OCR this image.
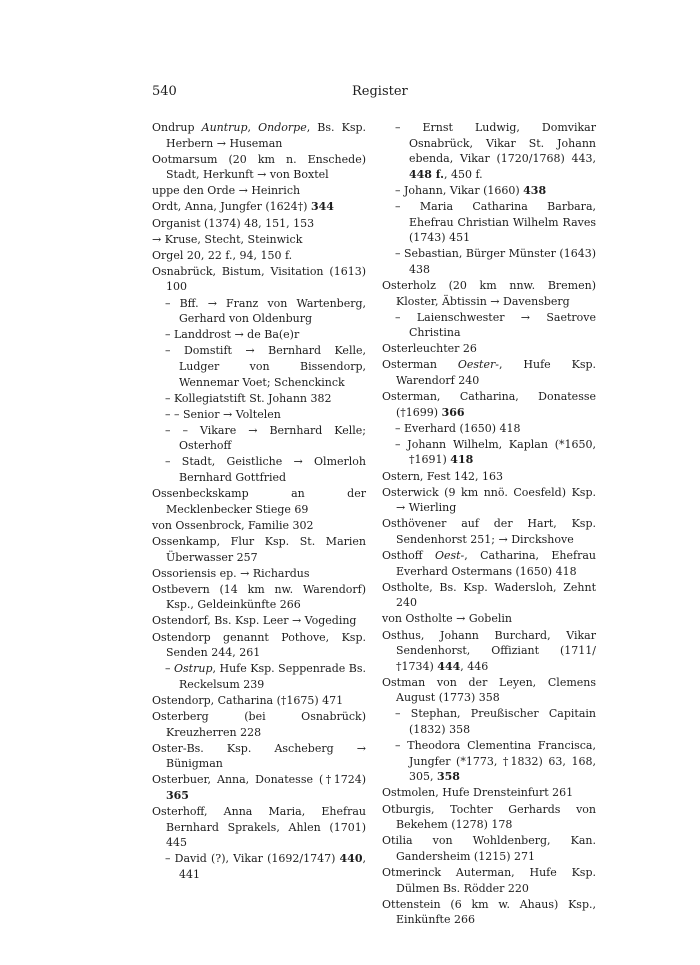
540	Register
Ondrup Auntrup, Ondorpe, Bs. Ksp. Herbern → Huseman
Ootmarsum (20 km n. Enschede) Stadt, Herkunft → von Boxtel
uppe den Orde → Heinrich
Ordt, Anna, Jungfer (1624†) 344
Organist (1374) 48, 151, 153
→ Kruse, Stecht, Steinwick
Orgel 20, 22 f., 94, 150 f.
Osnabrück, Bistum, Visitation (1613) 100
– Bff. → Franz von Wartenberg, Gerhard von Oldenburg
– Landdrost → de Ba(e)r
– Domstift → Bernhard Kelle, Ludger von Bissendorp, Wennemar Voet; Schenckinck
– Kollegiatstift St. Johann 382
– – Senior → Voltelen
– – Vikare → Bernhard Kelle; Osterhoff
– Stadt, Geistliche → Olmerloh Bernhard Gottfried
Ossenbeckskamp an der Mecklenbecker Stiege 69
von Ossenbrock, Familie 302
Ossenkamp, Flur Ksp. St. Marien Überwasser 257
Ossoriensis ep. → Richardus
Ostbevern (14 km nw. Warendorf) Ksp., Geldeinkünfte 266
Ostendorf, Bs. Ksp. Leer → Vogeding
Ostendorp genannt Pothove, Ksp. Senden 244, 261
– Ostrup, Hufe Ksp. Seppenrade Bs. Reckelsum 239
Ostendorp, Catharina (†1675) 471
Osterberg (bei Osnabrück) Kreuzherren 228
Oster-Bs. Ksp. Ascheberg → Bünigman
Osterbuer, Anna, Donatesse (†1724) 365
Osterhoff, Anna Maria, Ehefrau Bernhard Sprakels, Ahlen (1701) 445
– David (?), Vikar (1692/1747) 440, 441
– Ernst Ludwig, Domvikar Osnabrück, Vikar St. Johann ebenda, Vikar (1720/1768) 443, 448 f., 450 f.
– Johann, Vikar (1660) 438
– Maria Catharina Barbara, Ehefrau Christian Wilhelm Raves (1743) 451
– Sebastian, Bürger Münster (1643) 438
Osterholz (20 km nnw. Bremen) Kloster, Äbtissin → Davensberg
– Laienschwester → Saetrove Christina
Osterleuchter 26
Osterman Oester-, Hufe Ksp. Warendorf 240
Osterman, Catharina, Donatesse (†1699) 366
– Everhard (1650) 418
– Johann Wilhelm, Kaplan (*1650, †1691) 418
Ostern, Fest 142, 163
Osterwick (9 km nnö. Coesfeld) Ksp. → Wierling
Osthövener auf der Hart, Ksp. Sendenhorst 251; → Dirckshove
Osthoff Oest-, Catharina, Ehefrau Everhard Ostermans (1650) 418
Ostholte, Bs. Ksp. Wadersloh, Zehnt 240
von Ostholte → Gobelin
Osthus, Johann Burchard, Vikar Sendenhorst, Offiziant (1711/†1734) 444, 446
Ostman von der Leyen, Clemens August (1773) 358
– Stephan, Preußischer Capitain (1832) 358
– Theodora Clementina Francisca, Jungfer (*1773, †1832) 63, 168, 305, 358
Ostmolen, Hufe Drensteinfurt 261
Otburgis, Tochter Gerhards von Bekehem (1278) 178
Otilia von Wohldenberg, Kan. Gandersheim (1215) 271
Otmerinck Auterman, Hufe Ksp. Dülmen Bs. Rödder 220
Ottenstein (6 km w. Ahaus) Ksp., Einkünfte 266
